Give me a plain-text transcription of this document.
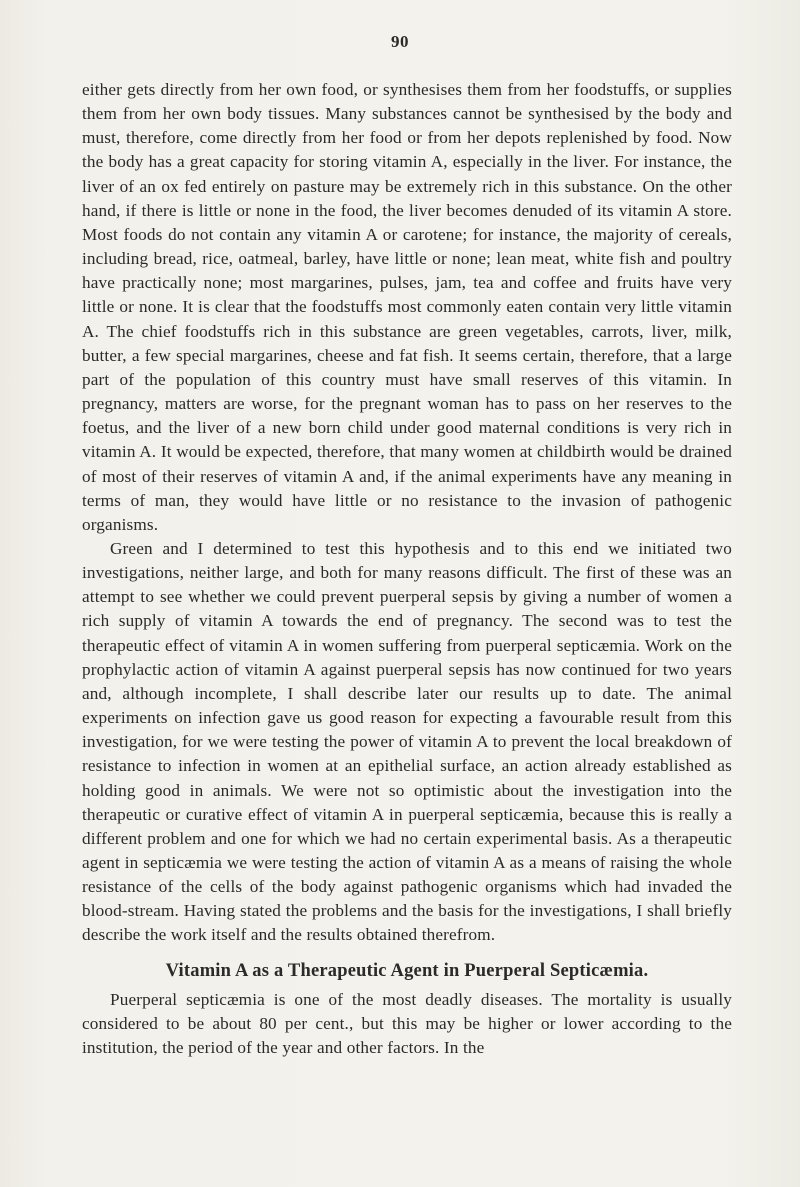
90

either gets directly from her own food, or synthesises them from her foodstuffs, or supplies them from her own body tissues. Many substances cannot be synthesised by the body and must, therefore, come directly from her food or from her depots replenished by food. Now the body has a great capacity for storing vitamin A, especially in the liver. For instance, the liver of an ox fed entirely on pasture may be extremely rich in this substance. On the other hand, if there is little or none in the food, the liver becomes denuded of its vitamin A store. Most foods do not contain any vitamin A or carotene; for instance, the majority of cereals, including bread, rice, oatmeal, barley, have little or none; lean meat, white fish and poultry have practically none; most margarines, pulses, jam, tea and coffee and fruits have very little or none. It is clear that the foodstuffs most commonly eaten contain very little vitamin A. The chief foodstuffs rich in this substance are green vegetables, carrots, liver, milk, butter, a few special margarines, cheese and fat fish. It seems certain, therefore, that a large part of the population of this country must have small reserves of this vitamin. In pregnancy, matters are worse, for the pregnant woman has to pass on her reserves to the foetus, and the liver of a new born child under good maternal conditions is very rich in vitamin A. It would be expected, therefore, that many women at childbirth would be drained of most of their reserves of vitamin A and, if the animal experiments have any meaning in terms of man, they would have little or no resistance to the invasion of pathogenic organisms.

Green and I determined to test this hypothesis and to this end we initiated two investigations, neither large, and both for many reasons difficult. The first of these was an attempt to see whether we could prevent puerperal sepsis by giving a number of women a rich supply of vitamin A towards the end of pregnancy. The second was to test the therapeutic effect of vitamin A in women suffering from puerperal septicæmia. Work on the prophylactic action of vitamin A against puerperal sepsis has now continued for two years and, although incomplete, I shall describe later our results up to date. The animal experiments on infection gave us good reason for expecting a favourable result from this investigation, for we were testing the power of vitamin A to prevent the local breakdown of resistance to infection in women at an epithelial surface, an action already established as holding good in animals. We were not so optimistic about the investigation into the therapeutic or curative effect of vitamin A in puerperal septicæmia, because this is really a different problem and one for which we had no certain experimental basis. As a therapeutic agent in septicæmia we were testing the action of vitamin A as a means of raising the whole resistance of the cells of the body against pathogenic organisms which had invaded the blood-stream. Having stated the problems and the basis for the investigations, I shall briefly describe the work itself and the results obtained therefrom.

Vitamin A as a Therapeutic Agent in Puerperal Septicæmia.

Puerperal septicæmia is one of the most deadly diseases. The mortality is usually considered to be about 80 per cent., but this may be higher or lower according to the institution, the period of the year and other factors. In the
